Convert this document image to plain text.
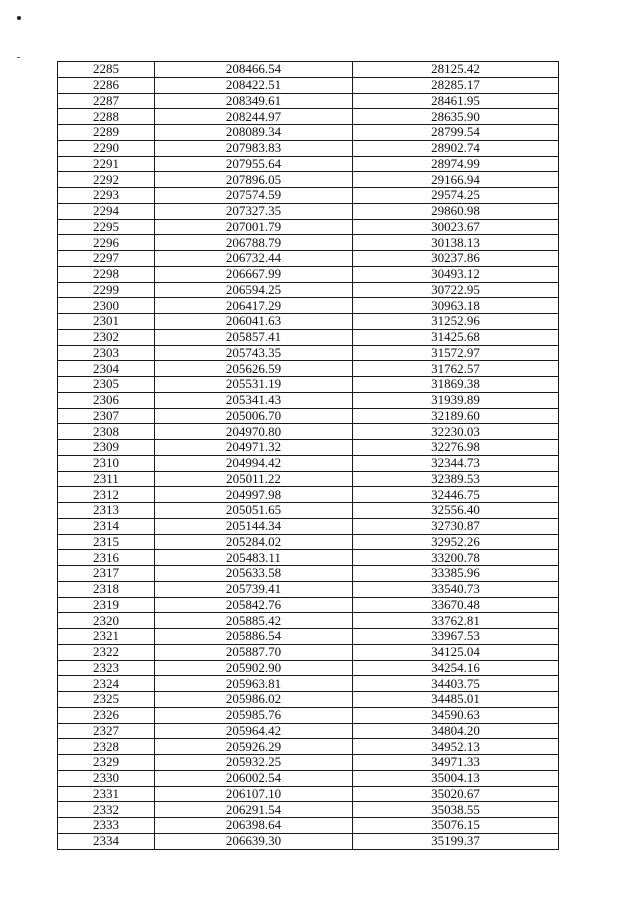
2285	208466.54	28125.42
2286	208422.51	28285.17
2287	208349.61	28461.95
2288	208244.97	28635.90
2289	208089.34	28799.54
2290	207983.83	28902.74
2291	207955.64	28974.99
2292	207896.05	29166.94
2293	207574.59	29574.25
2294	207327.35	29860.98
2295	207001.79	30023.67
2296	206788.79	30138.13
2297	206732.44	30237.86
2298	206667.99	30493.12
2299	206594.25	30722.95
2300	206417.29	30963.18
2301	206041.63	31252.96
2302	205857.41	31425.68
2303	205743.35	31572.97
2304	205626.59	31762.57
2305	205531.19	31869.38
2306	205341.43	31939.89
2307	205006.70	32189.60
2308	204970.80	32230.03
2309	204971.32	32276.98
2310	204994.42	32344.73
2311	205011.22	32389.53
2312	204997.98	32446.75
2313	205051.65	32556.40
2314	205144.34	32730.87
2315	205284.02	32952.26
2316	205483.11	33200.78
2317	205633.58	33385.96
2318	205739.41	33540.73
2319	205842.76	33670.48
2320	205885.42	33762.81
2321	205886.54	33967.53
2322	205887.70	34125.04
2323	205902.90	34254.16
2324	205963.81	34403.75
2325	205986.02	34485.01
2326	205985.76	34590.63
2327	205964.42	34804.20
2328	205926.29	34952.13
2329	205932.25	34971.33
2330	206002.54	35004.13
2331	206107.10	35020.67
2332	206291.54	35038.55
2333	206398.64	35076.15
2334	206639.30	35199.37
